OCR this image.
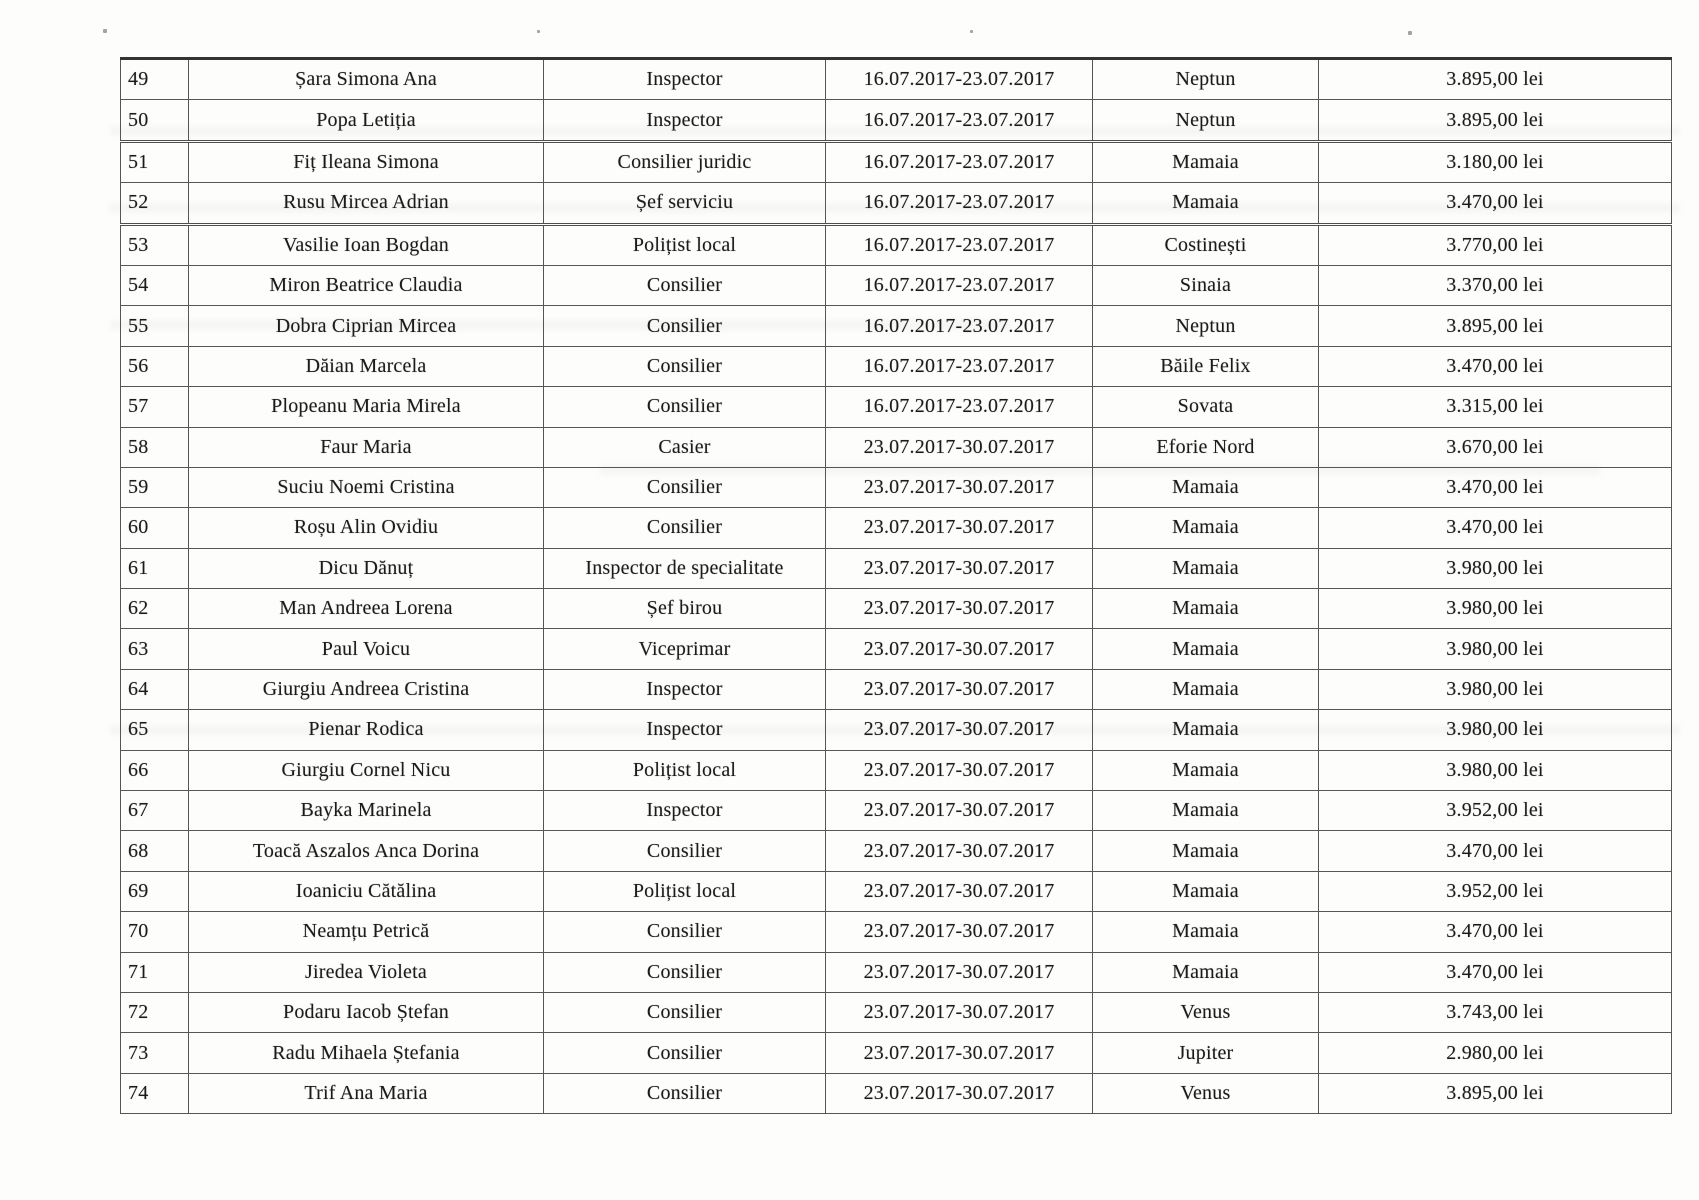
49	Șara Simona Ana	Inspector	16.07.2017-23.07.2017	Neptun	3.895,00 lei
50	Popa Letiția	Inspector	16.07.2017-23.07.2017	Neptun	3.895,00 lei
51	Fiț Ileana Simona	Consilier juridic	16.07.2017-23.07.2017	Mamaia	3.180,00 lei
52	Rusu Mircea Adrian	Șef serviciu	16.07.2017-23.07.2017	Mamaia	3.470,00 lei
53	Vasilie Ioan Bogdan	Polițist local	16.07.2017-23.07.2017	Costinești	3.770,00 lei
54	Miron Beatrice Claudia	Consilier	16.07.2017-23.07.2017	Sinaia	3.370,00 lei
55	Dobra Ciprian Mircea	Consilier	16.07.2017-23.07.2017	Neptun	3.895,00 lei
56	Dăian Marcela	Consilier	16.07.2017-23.07.2017	Băile Felix	3.470,00 lei
57	Plopeanu Maria Mirela	Consilier	16.07.2017-23.07.2017	Sovata	3.315,00 lei
58	Faur Maria	Casier	23.07.2017-30.07.2017	Eforie Nord	3.670,00 lei
59	Suciu Noemi Cristina	Consilier	23.07.2017-30.07.2017	Mamaia	3.470,00 lei
60	Roșu Alin Ovidiu	Consilier	23.07.2017-30.07.2017	Mamaia	3.470,00 lei
61	Dicu Dănuț	Inspector de specialitate	23.07.2017-30.07.2017	Mamaia	3.980,00 lei
62	Man Andreea Lorena	Șef birou	23.07.2017-30.07.2017	Mamaia	3.980,00 lei
63	Paul Voicu	Viceprimar	23.07.2017-30.07.2017	Mamaia	3.980,00 lei
64	Giurgiu Andreea Cristina	Inspector	23.07.2017-30.07.2017	Mamaia	3.980,00 lei
65	Pienar Rodica	Inspector	23.07.2017-30.07.2017	Mamaia	3.980,00 lei
66	Giurgiu Cornel Nicu	Polițist local	23.07.2017-30.07.2017	Mamaia	3.980,00 lei
67	Bayka Marinela	Inspector	23.07.2017-30.07.2017	Mamaia	3.952,00 lei
68	Toacă Aszalos Anca Dorina	Consilier	23.07.2017-30.07.2017	Mamaia	3.470,00 lei
69	Ioaniciu Cătălina	Polițist local	23.07.2017-30.07.2017	Mamaia	3.952,00 lei
70	Neamțu Petrică	Consilier	23.07.2017-30.07.2017	Mamaia	3.470,00 lei
71	Jiredea Violeta	Consilier	23.07.2017-30.07.2017	Mamaia	3.470,00 lei
72	Podaru Iacob Ștefan	Consilier	23.07.2017-30.07.2017	Venus	3.743,00 lei
73	Radu Mihaela Ștefania	Consilier	23.07.2017-30.07.2017	Jupiter	2.980,00 lei
74	Trif Ana Maria	Consilier	23.07.2017-30.07.2017	Venus	3.895,00 lei
